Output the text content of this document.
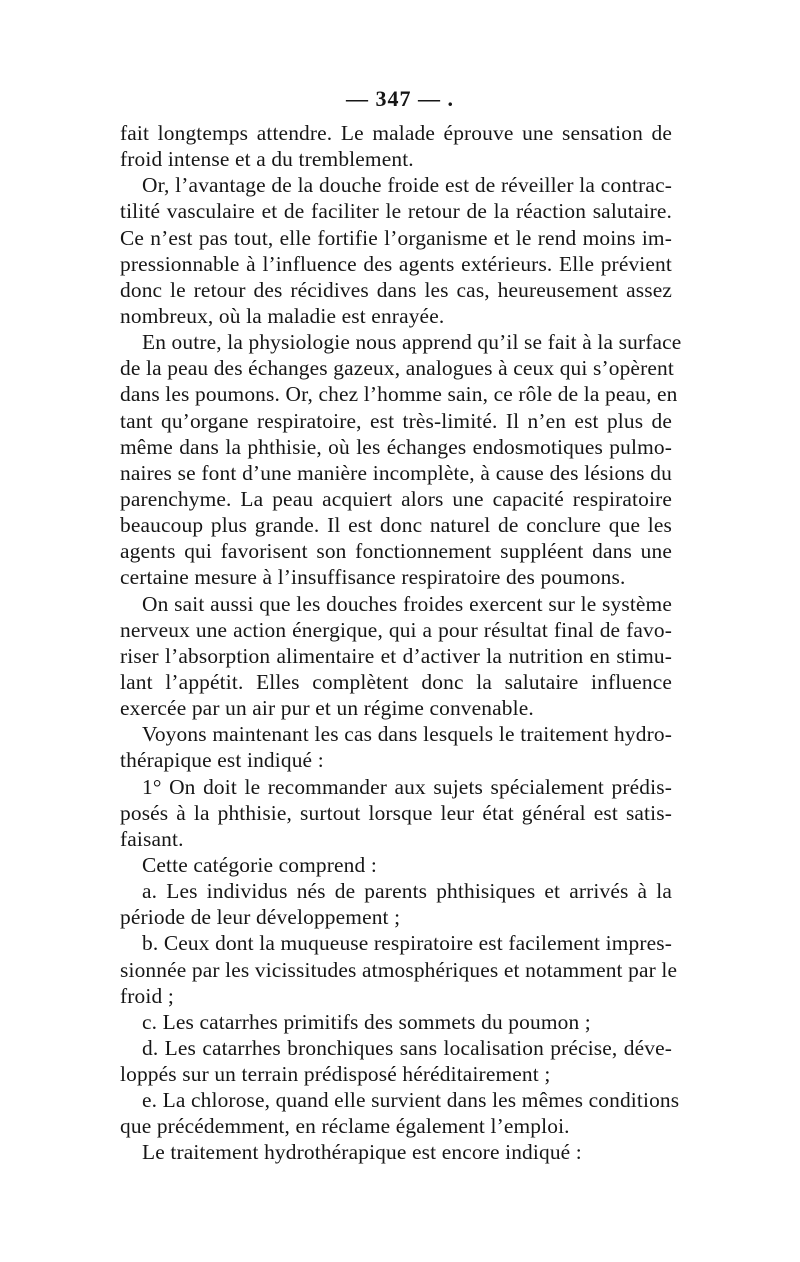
— 347 — .
fait longtemps attendre. Le malade éprouve une sensation de
froid intense et a du tremblement.
Or, l’avantage de la douche froide est de réveiller la contrac-
tilité vasculaire et de faciliter le retour de la réaction salutaire.
Ce n’est pas tout, elle fortifie l’organisme et le rend moins im-
pressionnable à l’influence des agents extérieurs. Elle prévient
donc le retour des récidives dans les cas, heureusement assez
nombreux, où la maladie est enrayée.
En outre, la physiologie nous apprend qu’il se fait à la surface
de la peau des échanges gazeux, analogues à ceux qui s’opèrent
dans les poumons. Or, chez l’homme sain, ce rôle de la peau, en
tant qu’organe respiratoire, est très-limité. Il n’en est plus de
même dans la phthisie, où les échanges endosmotiques pulmo-
naires se font d’une manière incomplète, à cause des lésions du
parenchyme. La peau acquiert alors une capacité respiratoire
beaucoup plus grande. Il est donc naturel de conclure que les
agents qui favorisent son fonctionnement suppléent dans une
certaine mesure à l’insuffisance respiratoire des poumons.
On sait aussi que les douches froides exercent sur le système
nerveux une action énergique, qui a pour résultat final de favo-
riser l’absorption alimentaire et d’activer la nutrition en stimu-
lant l’appétit. Elles complètent donc la salutaire influence
exercée par un air pur et un régime convenable.
Voyons maintenant les cas dans lesquels le traitement hydro-
thérapique est indiqué :
1° On doit le recommander aux sujets spécialement prédis-
posés à la phthisie, surtout lorsque leur état général est satis-
faisant.
Cette catégorie comprend :
a. Les individus nés de parents phthisiques et arrivés à la
période de leur développement ;
b. Ceux dont la muqueuse respiratoire est facilement impres-
sionnée par les vicissitudes atmosphériques et notamment par le
froid ;
c. Les catarrhes primitifs des sommets du poumon ;
d. Les catarrhes bronchiques sans localisation précise, déve-
loppés sur un terrain prédisposé héréditairement ;
e. La chlorose, quand elle survient dans les mêmes conditions
que précédemment, en réclame également l’emploi.
Le traitement hydrothérapique est encore indiqué :
